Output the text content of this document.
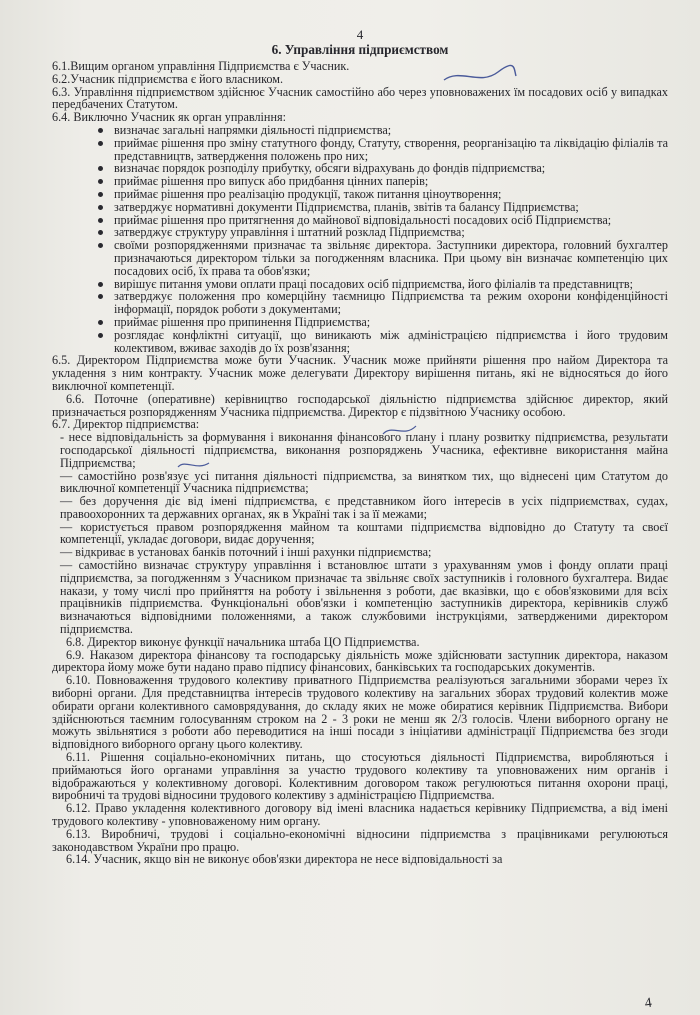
4
6. Управління підприємством

6.1.Вищим органом управління Підприємства є Учасник.

6.2.Учасник підприємства є його власником.

6.3. Управління підприємством здійснює Учасник самостійно або через уповноважених їм посадових осіб у випадках передбачених Статутом.

6.4. Виключно Учасник як орган управління:

визначає загальні напрямки діяльності підприємства;
приймає рішення про зміну статутного фонду, Статуту, створення, реорганізацію та ліквідацію філіалів та представництв, затвердження положень про них;
визначає порядок розподілу прибутку, обсяги відрахувань до фондів підприємства;
приймає рішення про випуск або придбання цінних паперів;
приймає рішення про реалізацію продукції, також питання ціноутворення;
затверджує нормативні документи Підприємства, планів, звітів та балансу Підприємства;
приймає рішення про притягнення до майнової відповідальності посадових осіб Підприємства;
затверджує структуру управління і штатний розклад Підприємства;
своїми розпорядженнями призначає та звільняє директора. Заступники директора, головний бухгалтер призначаються директором тільки за погодженням власника. При цьому він визначає компетенцію цих посадових осіб, їх права та обов'язки;
вирішує питання умови оплати праці посадових осіб підприємства, його філіалів та представництв;
затверджує положення про комерційну таємницю Підприємства та режим охорони конфіденційності інформації, порядок роботи з документами;
приймає рішення про припинення Підприємства;
розглядає конфліктні ситуації, що виникають між адміністрацією підприємства і його трудовим колективом, вживає заходів до їх розв'язання;

6.5. Директором Підприємства може бути Учасник. Учасник може прийняти рішення про найом Директора та укладення з ним контракту. Учасник може делегувати Директору вирішення питань, які не відносяться до його виключної компетенції.

6.6. Поточне (оперативне) керівництво господарської діяльністю підприємства здійснює директор, який призначається розпорядженням Учасника підприємства. Директор є підзвітною Учаснику особою.

6.7. Директор підприємства:

- несе відповідальність за формування і виконання фінансового плану і плану розвитку підприємства, результати господарської діяльності підприємства, виконання розпоряджень Учасника, ефективне використання майна Підприємства;

— самостійно розв'язує усі питання діяльності підприємства, за винятком тих, що віднесені цим Статутом до виключної компетенції Учасника підприємства;

— без доручення діє від імені підприємства, є представником його інтересів в усіх підприємствах, судах, правоохоронних та державних органах, як в Україні так і за її межами;

— користується правом розпорядження майном та коштами підприємства відповідно до Статуту та своєї компетенції, укладає договори, видає доручення;

— відкриває в установах банків поточний і інші рахунки підприємства;

— самостійно визначає структуру управління і встановлює штати з урахуванням умов і фонду оплати праці підприємства, за погодженням з Учасником призначає та звільняє своїх заступників і головного бухгалтера. Видає накази, у тому числі про прийняття на роботу і звільнення з роботи, дає вказівки, що є обов'язковими для всіх працівників підприємства. Функціональні обов'язки і компетенцію заступників директора, керівників служб визначаються відповідними положеннями, а також службовими інструкціями, затвердженими директором підприємства.

6.8. Директор виконує функції начальника штаба ЦО Підприємства.

6.9. Наказом директора фінансову та господарську діяльність може здійснювати заступник директора, наказом директора йому може бути надано право підпису фінансових, банківських та господарських документів.

6.10. Повноваження трудового колективу приватного Підприємства реалізуються загальними зборами через їх виборні органи. Для представництва інтересів трудового колективу на загальних зборах трудовий колектив може обирати органи колективного самоврядування, до складу яких не може обиратися керівник Підприємства. Вибори здійснюються таємним голосуванням строком на 2 - 3 роки не менш як 2/3 голосів. Члени виборного органу не можуть звільнятися з роботи або переводитися на інші посади з ініціативи адміністрації Підприємства без згоди відповідного виборного органу цього колективу.

6.11. Рішення соціально-економічних питань, що стосуються діяльності Підприємства, виробляються і приймаються його органами управління за участю трудового колективу та уповноважених ним органів і відображаються у колективному договорі. Колективним договором також регулюються питання охорони праці, виробничі та трудові відносини трудового колективу з адміністрацією Підприємства.

6.12. Право укладення колективного договору від імені власника надається керівнику Підприємства, а від імені трудового колективу - уповноваженому ним органу.

6.13. Виробничі, трудові і соціально-економічні відносини підприємства з працівниками регулюються законодавством України про працю.

6.14. Учасник, якщо він не виконує обов'язки директора не несе відповідальності за

4
